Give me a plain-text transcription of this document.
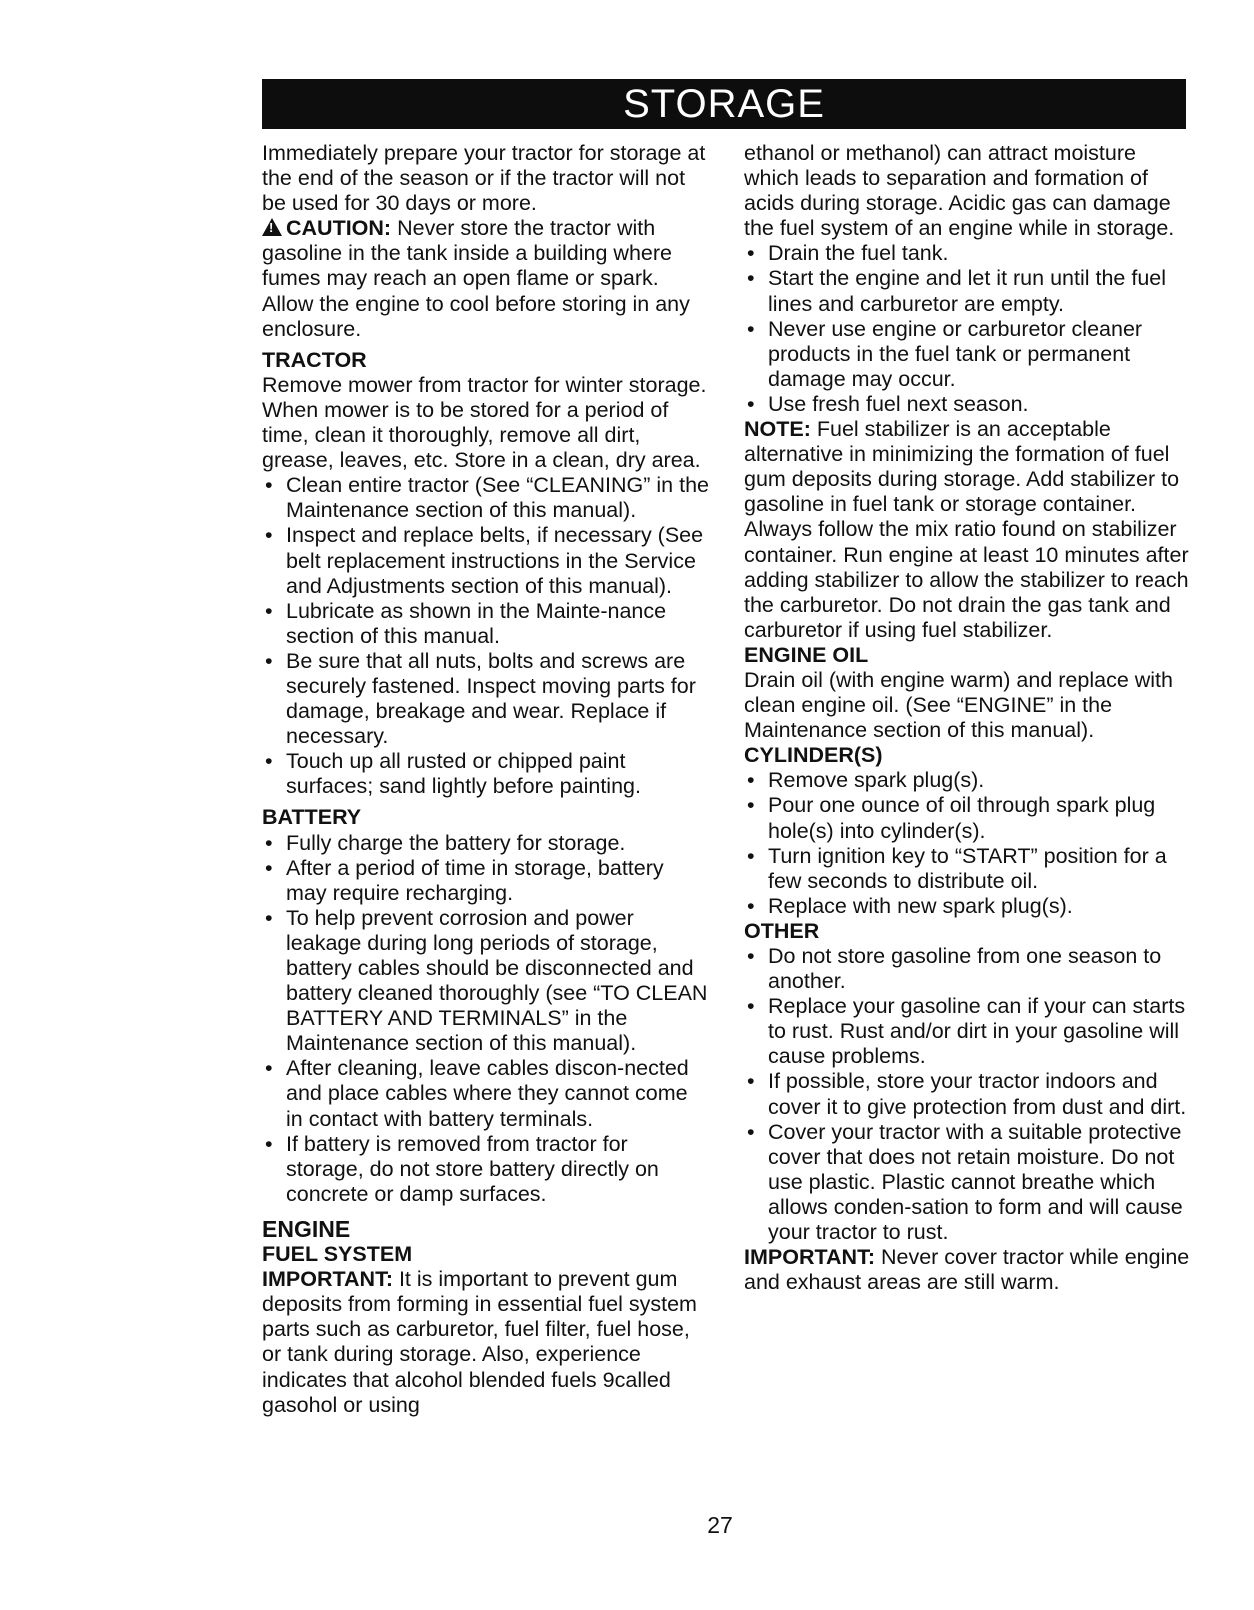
STORAGE

Immediately prepare your tractor for storage at the end of the season or if the tractor will not be used for 30 days or more.

!CAUTION: Never store the tractor with gasoline in the tank inside a building where fumes may reach an open flame or spark. Allow the engine to cool before storing in any enclosure.

TRACTOR

Remove mower from tractor for winter storage. When mower is to be stored for a period of time, clean it thoroughly, remove all dirt, grease, leaves, etc. Store in a clean, dry area.

• Clean entire tractor (See “CLEANING” in the Maintenance section of this manual).
• Inspect and replace belts, if necessary (See belt replacement instructions in the Service and Adjustments section of this manual).
• Lubricate as shown in the Mainte-nance section of this manual.
• Be sure that all nuts, bolts and screws are securely fastened. Inspect moving parts for damage, breakage and wear. Replace if necessary.
• Touch up all rusted or chipped paint surfaces; sand lightly before painting.

BATTERY

• Fully charge the battery for storage.
• After a period of time in storage, battery may require recharging.
• To help prevent corrosion and power leakage during long periods of storage, battery cables should be disconnected and battery cleaned thoroughly (see “TO CLEAN BATTERY AND TERMINALS” in the Maintenance section of this manual).
• After cleaning, leave cables discon-nected and place cables where they cannot come in contact with battery terminals.
• If battery is removed from tractor for storage, do not store battery directly on concrete or damp surfaces.

ENGINE

FUEL SYSTEM

IMPORTANT: It is important to prevent gum deposits from forming in essential fuel system parts such as carburetor, fuel filter, fuel hose, or tank during storage. Also, experience indicates that alcohol blended fuels 9called gasohol or using

ethanol or methanol) can attract moisture which leads to separation and formation of acids during storage. Acidic gas can damage the fuel system of an engine while in storage.

• Drain the fuel tank.
• Start the engine and let it run until the fuel lines and carburetor are empty.
• Never use engine or carburetor cleaner products in the fuel tank or permanent damage may occur.
• Use fresh fuel next season.

NOTE: Fuel stabilizer is an acceptable alternative in minimizing the formation of fuel gum deposits during storage. Add stabilizer to gasoline in fuel tank or storage container. Always follow the mix ratio found on stabilizer container. Run engine at least 10 minutes after adding stabilizer to allow the stabilizer to reach the carburetor. Do not drain the gas tank and carburetor if using fuel stabilizer.

ENGINE OIL

Drain oil (with engine warm) and replace with clean engine oil. (See “ENGINE” in the Maintenance section of this manual).

CYLINDER(S)

• Remove spark plug(s).
• Pour one ounce of oil through spark plug hole(s) into cylinder(s).
• Turn ignition key to “START” position for a few seconds to distribute oil.
• Replace with new spark plug(s).

OTHER

• Do not store gasoline from one season to another.
• Replace your gasoline can if your can starts to rust. Rust and/or dirt in your gasoline will cause problems.
• If possible, store your tractor indoors and cover it to give protection from dust and dirt.
• Cover your tractor with a suitable protective cover that does not retain moisture. Do not use plastic. Plastic cannot breathe which allows conden-sation to form and will cause your tractor to rust.

IMPORTANT: Never cover tractor while engine and exhaust areas are still warm.

27
